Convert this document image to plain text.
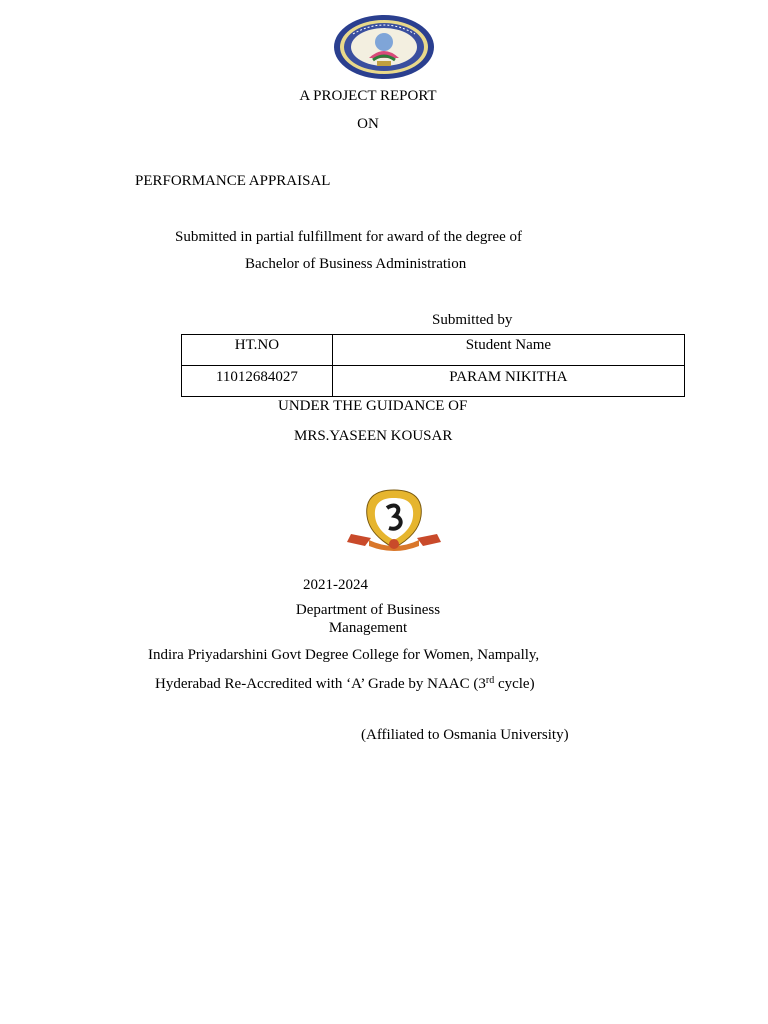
A PROJECT REPORT
ON
PERFORMANCE APPRAISAL
Submitted in partial fulfillment for award of the degree of
Bachelor of Business Administration
Submitted by
HT.NO	Student Name

11012684027	PARAM NIKITHA
UNDER THE GUIDANCE OF
MRS.YASEEN KOUSAR
2021-2024
Department of Business
Management
Indira Priyadarshini Govt Degree College for Women, Nampally,
Hyderabad Re-Accredited with ‘A’ Grade by NAAC (3rd cycle)
(Affiliated to Osmania University)
